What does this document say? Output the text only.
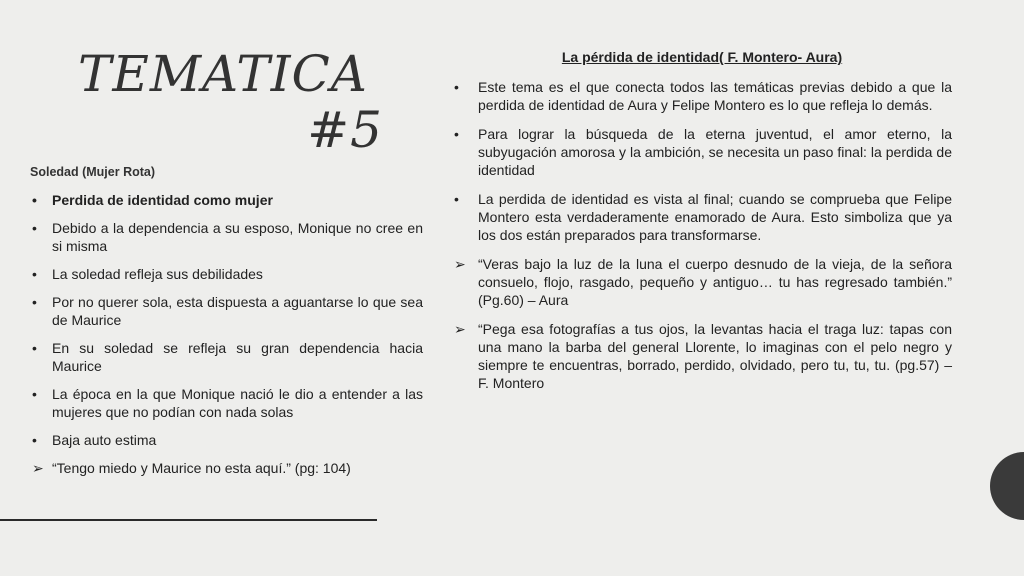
TEMATICA
#5
Soledad (Mujer Rota)
•	Perdida de identidad como mujer
•	Debido a la dependencia a su esposo, Monique no cree en si misma
•	La soledad refleja sus debilidades
•	Por no querer sola, esta dispuesta a aguantarse lo que sea de Maurice
•	En su soledad se refleja su gran dependencia hacia Maurice
•	La época en la que Monique nació le dio a entender a las mujeres que no podían con nada solas
•	Baja auto estima
➢ “Tengo miedo y Maurice no esta aquí.” (pg: 104)
La pérdida de identidad( F. Montero- Aura)
•	Este tema es el que conecta todos las temáticas previas debido a que la perdida de identidad de Aura y Felipe Montero es lo que refleja lo demás.
•	Para lograr la búsqueda de la eterna juventud, el amor eterno, la subyugación amorosa y la ambición, se necesita un paso final: la perdida de identidad
•	La perdida de identidad es vista al final; cuando se comprueba que Felipe Montero esta verdaderamente enamorado de Aura. Esto simboliza que ya los dos están preparados para transformarse.
➢ “Veras bajo la luz de la luna el cuerpo desnudo de la vieja, de la señora consuelo, flojo, rasgado, pequeño y antiguo… tu has regresado también.” (Pg.60) – Aura
➢ “Pega esa fotografías a tus ojos, la levantas hacia el traga luz: tapas con una mano la barba del general Llorente, lo imaginas con el pelo negro y siempre te encuentras, borrado, perdido, olvidado, pero tu, tu, tu. (pg.57) – F. Montero
